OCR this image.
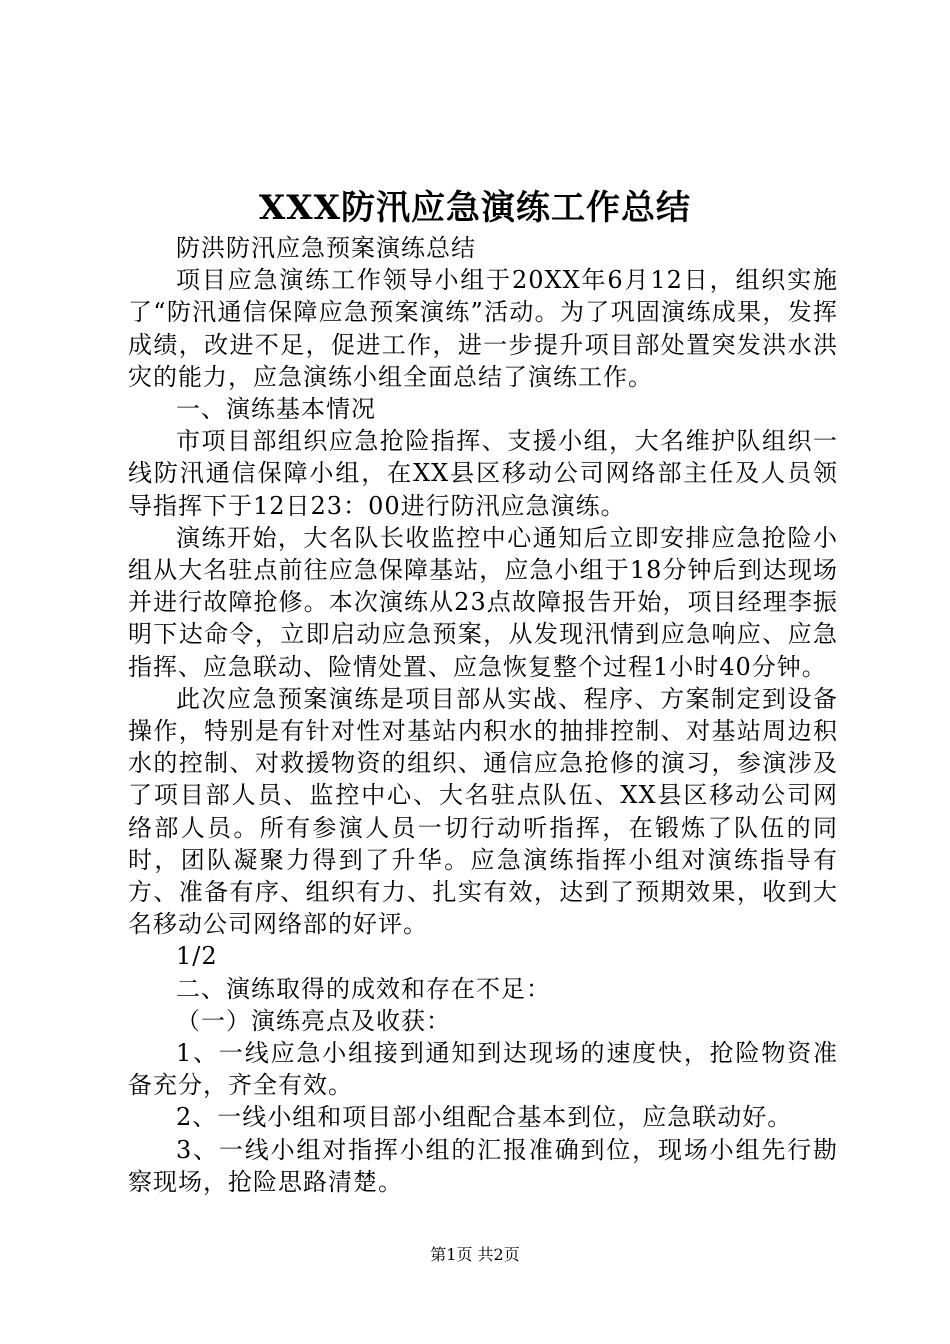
XXX防汛应急演练工作总结

防洪防汛应急预案演练总结

项目应急演练工作领导小组于20XX年6月12日，组织实施了“防汛通信保障应急预案演练”活动。为了巩固演练成果，发挥成绩，改进不足，促进工作，进一步提升项目部处置突发洪水洪灾的能力，应急演练小组全面总结了演练工作。

一、演练基本情况

市项目部组织应急抢险指挥、支援小组，大名维护队组织一线防汛通信保障小组，在XX县区移动公司网络部主任及人员领导指挥下于12日23：00进行防汛应急演练。

演练开始，大名队长收监控中心通知后立即安排应急抢险小组从大名驻点前往应急保障基站，应急小组于18分钟后到达现场并进行故障抢修。本次演练从23点故障报告开始，项目经理李振明下达命令，立即启动应急预案，从发现汛情到应急响应、应急指挥、应急联动、险情处置、应急恢复整个过程1小时40分钟。

此次应急预案演练是项目部从实战、程序、方案制定到设备操作，特别是有针对性对基站内积水的抽排控制、对基站周边积水的控制、对救援物资的组织、通信应急抢修的演习，参演涉及了项目部人员、监控中心、大名驻点队伍、XX县区移动公司网络部人员。所有参演人员一切行动听指挥，在锻炼了队伍的同时，团队凝聚力得到了升华。应急演练指挥小组对演练指导有方、准备有序、组织有力、扎实有效，达到了预期效果，收到大名移动公司网络部的好评。

1/2

二、演练取得的成效和存在不足：

（一）演练亮点及收获：

1、一线应急小组接到通知到达现场的速度快，抢险物资准备充分，齐全有效。

2、一线小组和项目部小组配合基本到位，应急联动好。

3、一线小组对指挥小组的汇报准确到位，现场小组先行勘察现场，抢险思路清楚。

第1页 共2页
